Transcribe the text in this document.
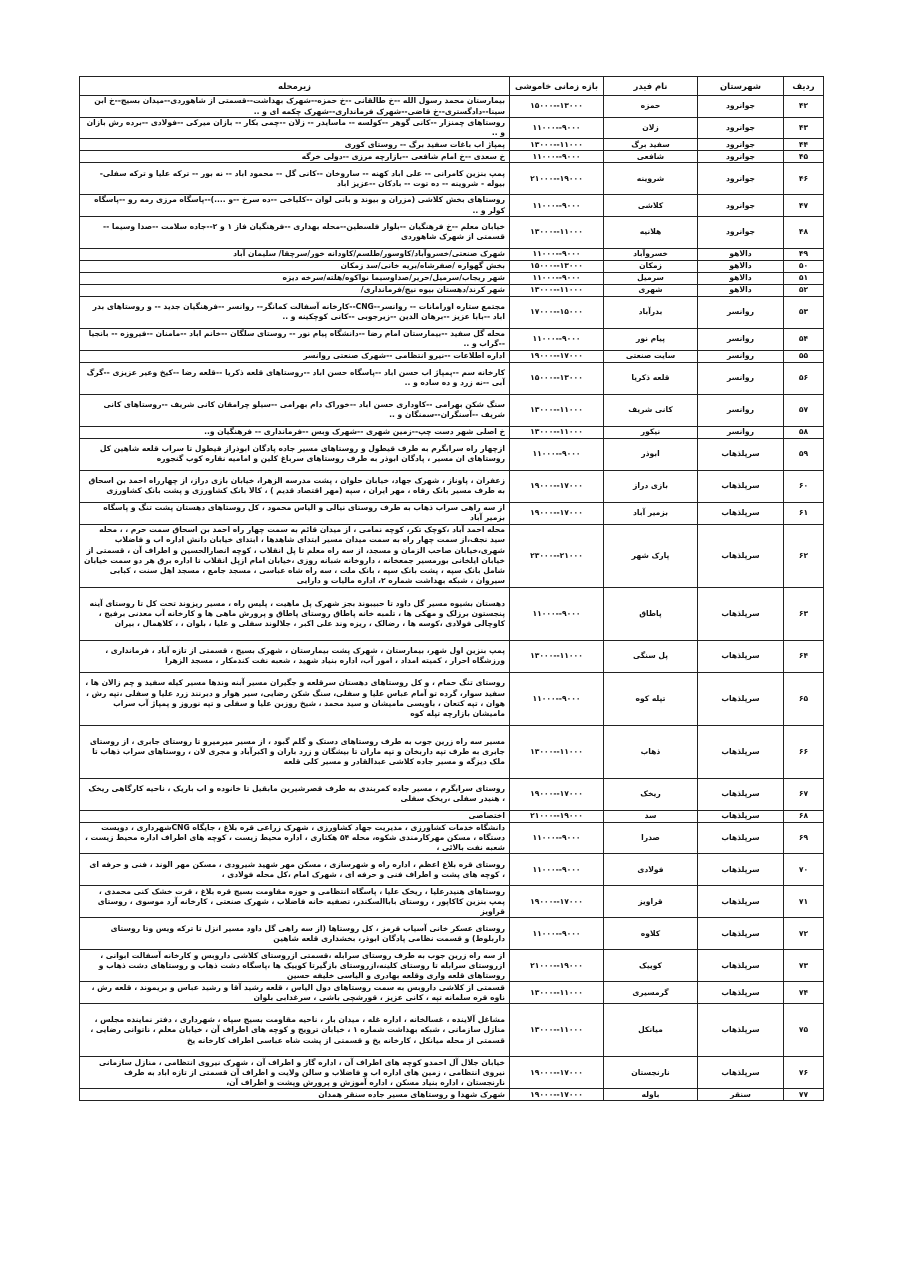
ردیف	شهرستان	نام فیدر	بازه زمانی خاموشی	زیرمحله
۴۲	جوانرود	حمزه	۱۳۰۰۰--۱۵۰۰۰	بیمارستان محمد رسول الله --خ طالقانی --خ حمزه--شهرک بهداشت--قسمتی از شاهوردی--میدان بسیج--خ ابن سینا--دادگستری--خ قاضی--شهرک فرمانداری--شهرک چکمه ای و ..
۴۳	جوانرود	زلان	۹۰۰۰--۱۱۰۰۰	روستاهای چمنزار --کانی گوهر --کولسه -- ماسایدر -- زلان --چمی بکار -- بازان میرکی --فولادی --برده رش بازان و ..
۴۴	جوانرود	سفید برگ	۱۱۰۰۰--۱۳۰۰۰	پمپاژ اب باغات سفید برگ -- روستای کوری
۴۵	جوانرود	شافعی	۹۰۰۰--۱۱۰۰۰	خ سعدی --خ امام شافعی --بازارچه مرزی --دولی خرگه
۴۶	جوانرود	شروینه	۱۹۰۰۰--۲۱۰۰۰	پمپ بنزین کامرانی -- علی اباد کهنه -- ساروخان --کانی گل -- محمود اباد -- نه بور -- ترکه علیا و ترکه سفلی- بیوله - شروینه -- ده توت -- بادکان --عزیز اباد
۴۷	جوانرود	کلاشی	۹۰۰۰--۱۱۰۰۰	روستاهای بخش کلاشی (مزران و بیوند و بانی لوان --کلیاخی --ده سرخ --و ....)--پاسگاه مرزی رمه رو --پاسگاه کولر و ..
۴۸	جوانرود	هلانیه	۱۱۰۰۰--۱۳۰۰۰	خیابان معلم --خ فرهنگیان --بلوار فلسطین--محله بهداری --فرهنگیان فاز ۱ و ۲--جاده سلامت --صدا وسیما --قسمتی از شهرک شاهوردی
۴۹	دالاهو	خسروآباد	۹۰۰۰--۱۱۰۰۰	شهرک صنعتی/خسروآباد/کاوسور/طلسم/کاودانه خور/سرچقا/ سلیمان آباد
۵۰	دالاهو	زمکان	۱۳۰۰۰--۱۵۰۰۰	بخش گهواره /صفرشاه/بریه خانی/سد زمکان
۵۱	دالاهو	سرمیل	۹۰۰۰--۱۱۰۰۰	شهر ریجاب/سرمیل/حریر/صداوسیما نواکوه/هلته/سرخه دیزه
۵۲	دالاهو	شهری	۱۱۰۰۰--۱۳۰۰۰	شهر کرند/دهستان بیوه نیج/فرمانداری/
۵۳	روانسر	بدرآباد	۱۵۰۰۰--۱۷۰۰۰	مجتمع ستاره اورامانات -- روانسر--CNG--کارخانه آسفالت کمانگر-- روانسر --فرهنگیان جدید -- و روستاهای بدر اباد --بابا عزیز --برهان الدین --زیرجوبی --کانی کوچکینه و ..
۵۴	روانسر	پیام نور	۹۰۰۰--۱۱۰۰۰	محله گل سفید --بیمارستان امام رضا --دانشگاه پیام نور -- روستای سلگان --خانم اباد --مامنان --فیروزه -- بانجیا --گراب و ..
۵۵	روانسر	سایت صنعتی	۱۷۰۰۰--۱۹۰۰۰	اداره اطلاعات --نیرو انتظامی --شهرک صنعتی روانسر
۵۶	روانسر	قلعه ذکریا	۱۳۰۰۰--۱۵۰۰۰	کارخانه سم --پمپاژ اب حسن اباد --پاسگاه حسن اباد --روستاهای قلعه ذکریا --قلعه رضا --کیخ وعیر عزیزی --گرگ آبی --نه زرد و ده ساده و ..
۵۷	روانسر	کانی شریف	۱۱۰۰۰--۱۳۰۰۰	سنگ شکن بهرامی --کاوداری حسن اباد --خوراک دام بهرامی --سیلو چرامقان کانی شریف --روستاهای کانی شریف --آسنگران--سمنگان و ..
۵۸	روانسر	نیکور	۱۱۰۰۰--۱۳۰۰۰	خ اصلی شهر دست چپ--زمین شهری --شهرک وبس --فرمانداری -- فرهنگیان و..
۵۹	سرپلذهاب	ابوذر	۹۰۰۰--۱۱۰۰۰	ازچهار راه سرابگرم به طرف قیطول و روستاهای مسیر جاده پادگان ابوذراز قیطول تا سراب قلعه شاهین کل روستاهای ان مسیر ، پادگان ابوذر به طرف روستاهای سرباغ کلین و امامیه نقاره کوب گنجوره
۶۰	سرپلذهاب	بازی دراز	۱۷۰۰۰--۱۹۰۰۰	زعفران ، پاوناز ، شهرک جهاد، خیابان حلوان ، پشت مدرسه الزهرا، خیابان بازی دراز، از چهارراه احمد بن اسحاق به طرف مسیر بانک رفاه ، مهر ایران ، سپه (مهر اقتصاد قدیم ) ، کالا بانک کشاورزی و پشت بانک کشاورزی
۶۱	سرپلذهاب	بزمیر آباد	۱۷۰۰۰--۱۹۰۰۰	از سه راهی سراب ذهاب به طرف روستای نیالی و الیاس محمود ، کل روستاهای دهستان پشت تنگ و پاسگاه بزمیر آباد
۶۲	سرپلذهاب	پارک شهر	۲۱۰۰۰--۲۳۰۰۰	محله احمد آباد ،کوچک تکر، کوچه نمامی ، از میدان قائم به سمت چهار راه احمد بن اسحاق سمت حرم ، ، محله سید نجف،از سمت چهار راه به سمت میدان مسیر ابتدای شاهدها ، ابتدای خیابان دانش اداره اب و فاضلاب شهری،خیابان صاحب الزمان و مسجد، از سه راه معلم تا پل انقلاب ، کوچه انصارالحسین و اطراف آن ، قسمتی از خیابان ایلخانی بورمسیر جمعخانه ، داروخانه شبانه روزی ،خیابان امام ازپل انقلاب تا اداره برق هر دو سمت خیابان شامل بانک سپه ، پشت بانک سپه ، بانک ملت ، سه راه شاه عباسی ، مسجد جامع ، مسجد اهل سنت ، کبابی سیروان ، شبکه بهداشت شماره ۲، اداره مالیات و دارایی
۶۳	سرپلذهاب	پاطاق	۹۰۰۰--۱۱۰۰۰	دهستان بشیوه مسیر گل داود تا حبیبوند بجز شهرک پل ماهیت ، پلیس راه ، مسیر ریزوند تحت کل تا روستای آینه پنجستون برزلک و مهکی ها ، تلمبه خانه پاطاق روستای پاطاق و پرورش ماهی ها و کارخانه آب معدنی برفیج ، کاوچالی فولادی ،کوسه ها ، رضالک ، ریزه وند علی اکبر ، جلالوند سفلی و علیا ، بلوان ، ، کلاهمال ، بیران
۶۴	سرپلذهاب	پل سنگی	۱۱۰۰۰--۱۳۰۰۰	پمپ بنزین اول شهر، بیمارستان ، شهرک پشت بیمارستان ، شهرک بسیج ، قسمتی از تازه آباد ، فرمانداری ، ورزشگاه احرار ، کمیته امداد ، امور آب، اداره بنیاد شهید ، شعبه نفت کندمکار ، مسجد الزهرا
۶۵	سرپلذهاب	تپله کوه	۹۰۰۰--۱۱۰۰۰	روستای تنگ حمام ، و کل روستاهای دهستان سرقلعه و جگیران مسیر آبنه وندها مسیر کیله سفید و چم زالان ها ، سفید سوار، گرده تو آمام عباس علیا و سفلی، سنگ شکن رضایی، سیر هوار و دبرنند زرد علیا و سفلی ،تپه رش ، هوان ، تپه کتعان ، باویسی مامیشان و سید محمد ، شیخ روزبن علیا و سفلی و تپه نوروز و پمپاژ آب سراب مامیشان بازارچه تپله کوه
۶۶	سرپلذهاب	ذهاب	۱۱۰۰۰--۱۳۰۰۰	مسیر سه راه زرین جوب به طرف روستاهای دستک و گلم گبود ، از مسیر میرمیرو تا روستای جابری ، از روستای جابری به طرف تپه داربخان و تپه ماران تا بیشگان و زرد باران و اکبرآباد و مجری لان ، روستاهای سراب ذهاب تا ملک دیزگه و مسیر جاده کلاشی عبدالقادر و مسیر کلی قلعه
۶۷	سرپلذهاب	ریخک	۱۷۰۰۰--۱۹۰۰۰	روستای سرابگرم ، مسیر جاده کمربندی به طرف قصرشیرین مابقیل تا خانوده و اب باریک ، ناحیه کارگاهی ریخک ، هنیدر سفلی ،ریخک سفلی
۶۸	سرپلذهاب	سد	۱۹۰۰۰--۲۱۰۰۰	اختصاصی
۶۹	سرپلذهاب	صدرا	۹۰۰۰--۱۱۰۰۰	دانشگاه خدمات کشاورزی ، مدیریت جهاد کشاورزی ، شهرک زراعی قره بلاغ ، جایگاه CNGشهرداری ، دویست دستگاه ، مسکن مهرکارمندی شکوه، محله ۵۴ هکتاری ، اداره محیط زیست ، کوچه های اطراف اداره محیط زیست ، شعبه نفت بالائی ،
۷۰	سرپلذهاب	فولادی	۹۰۰۰--۱۱۰۰۰	روستای قره بلاغ اعظم ، اداره راه و شهرسازی ، مسکن مهر شهید شیرودی ، مسکن مهر الوند ، فنی و حرفه ای ، کوچه های پشت و اطراف فنی و حرفه ای ، شهرک امام ،کل محله فولادی ،
۷۱	سرپلذهاب	قراویز	۱۷۰۰۰--۱۹۰۰۰	روستاهای هنیدرعلیا ، ریخک علیا ، پاسگاه انتظامی و حوزه مقاومت بسیج قره بلاغ ، قرت خشک کنی محمدی ، پمپ بنزین کاکاپور ، روستای باباالسکندر، تصفیه خانه فاضلاب ، شهرک صنعتی ، کارخانه آرد موسوی ، روستای قراویز
۷۲	سرپلذهاب	کلاوه	۹۰۰۰--۱۱۰۰۰	روستای عسکر خانی آسیاب قرمز ، کل روستاها (از سه راهی گل داود مسیر انزل تا ترکه ویس وتا روستای داربلوط) و قسمت نظامی پادگان ابوذر، بخشداری قلعه شاهین
۷۳	سرپلذهاب	کوییک	۱۹۰۰۰--۲۱۰۰۰	از سه راه زرین جوب به طرف روستای سرابله ،قسمتی ازروستای کلاشی داروبس و کارخانه آسفالت ابوانی ، ازروستای سرابله تا روستای کلینه،ازروستای بازگیرتا کوییک ها ،پاسگاه دشت ذهاب و روستاهای دشت ذهاب و روستاهای قلعه واری وقلعه بهادری و الیاسی خلیفه حسین
۷۴	سرپلذهاب	گرمسیری	۱۱۰۰۰--۱۳۰۰۰	قسمتی از کلاشی داروبس به سمت روستاهای دول الیاس ، قلعه رشید آقا و رشید عباس و بریموند ، قلعه رش ، ناوه قره سلمانه تپه ، کانی عزیز ، قورشچی باشی ، سرغدابی بلوان
۷۵	سرپلذهاب	میانکل	۱۱۰۰۰--۱۳۰۰۰	مشاغل آلاینده ، غسالخانه ، اداره غله ، میدان بار ، ناحیه مقاومت بسیج سپاه ، شهرداری ، دفتر نماینده مجلس ، منازل سازمانی ، شبکه بهداشت شماره ۱ ، خیابان ترویج و کوچه های اطراف آن ، خیابان معلم ، ناتوانی رضایی ، قسمتی از محله میانکل ، کارخانه یخ و قسمتی از پشت شاه عباسی اطراف کارخانه یخ
۷۶	سرپلذهاب	نارنجستان	۱۷۰۰۰--۱۹۰۰۰	خیابان جلال آل احمدو کوچه های اطراف آن ، اداره گاز و اطراف آن ، شهرک نیروی انتظامی ، منازل سازمانی نیروی انتظامی ، زمین های اداره اب و فاضلاب و سالن ولایت و اطراف آن قسمتی از تازه اباد به طرف نارنجستان ، اداره بنیاد مسکن ، اداره آموزش و پرورش وپشت و اطراف آن،
۷۷	سنقر	باوله	۱۷۰۰۰--۱۹۰۰۰	شهرک شهدا و روستاهای مسیر جاده سنقر همدان
